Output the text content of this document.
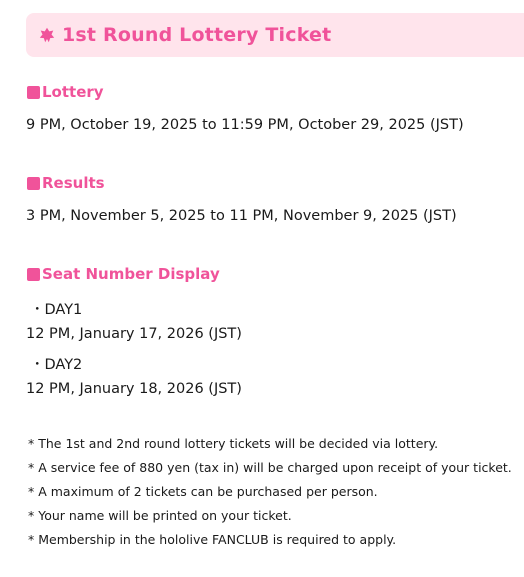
1st Round Lottery Ticket
Lottery
9 PM, October 19, 2025 to 11:59 PM, October 29, 2025 (JST)
Results
3 PM, November 5, 2025 to 11 PM, November 9, 2025 (JST)
Seat Number Display
・DAY1
12 PM, January 17, 2026 (JST)
・DAY2
12 PM, January 18, 2026 (JST)
* The 1st and 2nd round lottery tickets will be decided via lottery.
* A service fee of 880 yen (tax in) will be charged upon receipt of your ticket.
* A maximum of 2 tickets can be purchased per person.
* Your name will be printed on your ticket.
* Membership in the hololive FANCLUB is required to apply.
